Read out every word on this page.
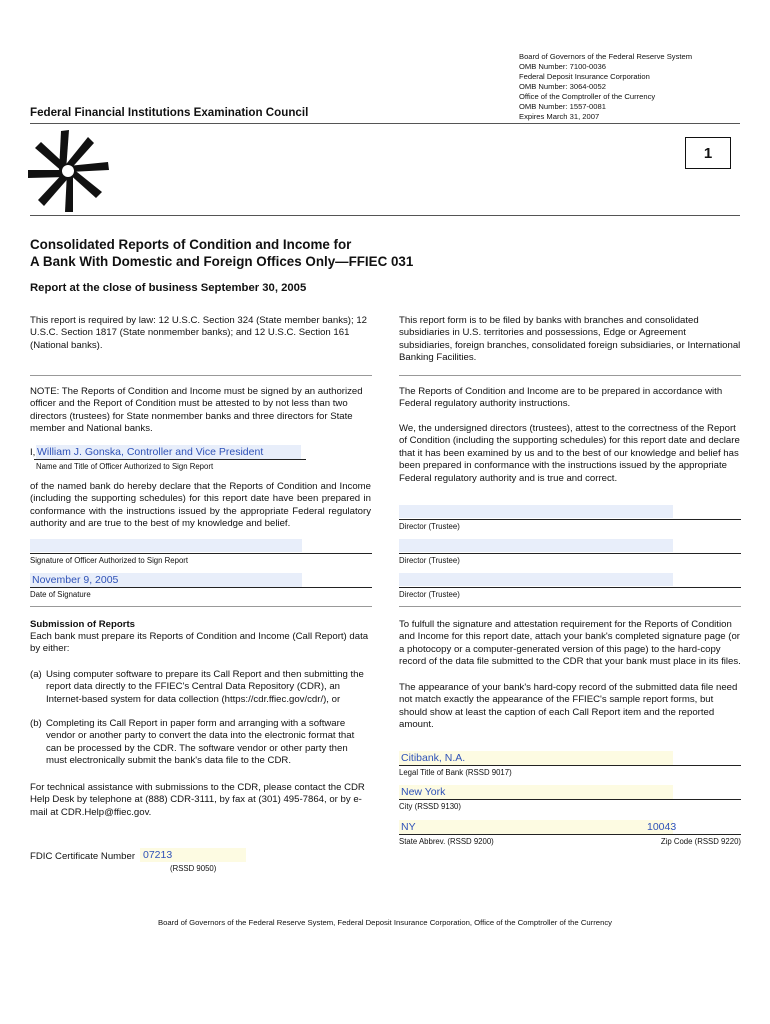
Board of Governors of the Federal Reserve System
OMB Number: 7100-0036
Federal Deposit Insurance Corporation
OMB Number: 3064-0052
Office of the Comptroller of the Currency
OMB Number: 1557-0081
Expires March 31, 2007
Federal Financial Institutions Examination Council
1
Consolidated Reports of Condition and Income for
A Bank With Domestic and Foreign Offices Only—FFIEC 031
Report at the close of business September 30, 2005

This report is required by law: 12 U.S.C. Section 324 (State member banks); 12 U.S.C. Section 1817 (State nonmember banks); and 12 U.S.C. Section 161 (National banks).

NOTE: The Reports of Condition and Income must be signed by an authorized officer and the Report of Condition must be attested to by not less than two directors (trustees) for State nonmember banks and three directors for State member and National banks.

I, William J. Gonska, Controller and Vice President
Name and Title of Officer Authorized to Sign Report

of the named bank do hereby declare that the Reports of Condition and Income (including the supporting schedules) for this report date have been prepared in conformance with the instructions issued by the appropriate Federal regulatory authority and are true to the best of my knowledge and belief.

Signature of Officer Authorized to Sign Report
November 9, 2005
Date of Signature
Submission of Reports

Each bank must prepare its Reports of Condition and Income (Call Report) data by either:

(a) Using computer software to prepare its Call Report and then submitting the report data directly to the FFIEC's Central Data Repository (CDR), an Internet-based system for data collection (https://cdr.ffiec.gov/cdr/), or

(b) Completing its Call Report in paper form and arranging with a software vendor or another party to convert the data into the electronic format that can be processed by the CDR. The software vendor or other party then must electronically submit the bank's data file to the CDR.

For technical assistance with submissions to the CDR, please contact the CDR Help Desk by telephone at (888) CDR-3111, by fax at (301) 495-7864, or by e-mail at CDR.Help@ffiec.gov.

FDIC Certificate Number 07213
(RSSD 9050)

This report form is to be filed by banks with branches and consolidated subsidiaries in U.S. territories and possessions, Edge or Agreement subsidiaries, foreign branches, consolidated foreign subsidiaries, or International Banking Facilities.

The Reports of Condition and Income are to be prepared in accordance with Federal regulatory authority instructions.

We, the undersigned directors (trustees), attest to the correctness of the Report of Condition (including the supporting schedules) for this report date and declare that it has been examined by us and to the best of our knowledge and belief has been prepared in conformance with the instructions issued by the appropriate Federal regulatory authority and is true and correct.

Director (Trustee)
Director (Trustee)
Director (Trustee)

To fulfull the signature and attestation requirement for the Reports of Condition and Income for this report date, attach your bank's completed signature page (or a photocopy or a computer-generated version of this page) to the hard-copy record of the data file submitted to the CDR that your bank must place in its files.

The appearance of your bank's hard-copy record of the submitted data file need not match exactly the appearance of the FFIEC's sample report forms, but should show at least the caption of each Call Report item and the reported amount.

Citibank, N.A.
Legal Title of Bank (RSSD 9017)
New York
City (RSSD 9130)
NY	10043
State Abbrev. (RSSD 9200)	Zip Code (RSSD 9220)
Board of Governors of the Federal Reserve System, Federal Deposit Insurance Corporation, Office of the Comptroller of the Currency
